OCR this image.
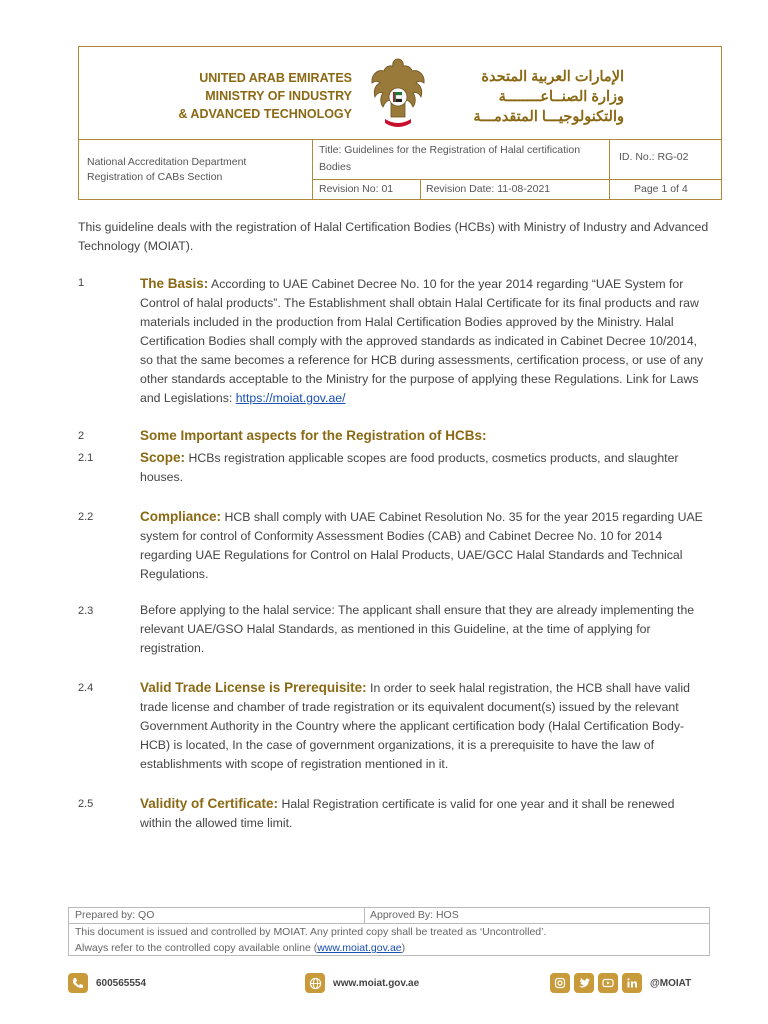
UNITED ARAB EMIRATES
MINISTRY OF INDUSTRY
& ADVANCED TECHNOLOGY
الإمارات العربية المتحدة
وزارة الصنــاعــــــــة
والتكنولوجيـــا المتقدمـــة
National Accreditation Department
Registration of CABs Section
Title: Guidelines for the Registration of Halal certification Bodies
ID. No.: RG-02
Revision No: 01	Revision Date: 11-08-2021	Page 1 of 4
This guideline deals with the registration of Halal Certification Bodies (HCBs) with Ministry of Industry and Advanced Technology (MOIAT).
1	The Basis: According to UAE Cabinet Decree No. 10 for the year 2014 regarding “UAE System for Control of halal products”. The Establishment shall obtain Halal Certificate for its final products and raw materials included in the production from Halal Certification Bodies approved by the Ministry. Halal Certification Bodies shall comply with the approved standards as indicated in Cabinet Decree 10/2014, so that the same becomes a reference for HCB during assessments, certification process, or use of any other standards acceptable to the Ministry for the purpose of applying these Regulations. Link for Laws and Legislations: https://moiat.gov.ae/
2	Some Important aspects for the Registration of HCBs:
2.1	Scope: HCBs registration applicable scopes are food products, cosmetics products, and slaughter houses.
2.2	Compliance: HCB shall comply with UAE Cabinet Resolution No. 35 for the year 2015 regarding UAE system for control of Conformity Assessment Bodies (CAB) and Cabinet Decree No. 10 for 2014 regarding UAE Regulations for Control on Halal Products, UAE/GCC Halal Standards and Technical Regulations.
2.3	Before applying to the halal service: The applicant shall ensure that they are already implementing the relevant UAE/GSO Halal Standards, as mentioned in this Guideline, at the time of applying for registration.
2.4	Valid Trade License is Prerequisite: In order to seek halal registration, the HCB shall have valid trade license and chamber of trade registration or its equivalent document(s) issued by the relevant Government Authority in the Country where the applicant certification body (Halal Certification Body-HCB) is located, In the case of government organizations, it is a prerequisite to have the law of establishments with scope of registration mentioned in it.
2.5	Validity of Certificate: Halal Registration certificate is valid for one year and it shall be renewed within the allowed time limit.
Prepared by: QO	Approved By: HOS
This document is issued and controlled by MOIAT. Any printed copy shall be treated as ‘Uncontrolled’.
Always refer to the controlled copy available online (www.moiat.gov.ae)
600565554	www.moiat.gov.ae	@MOIAT
